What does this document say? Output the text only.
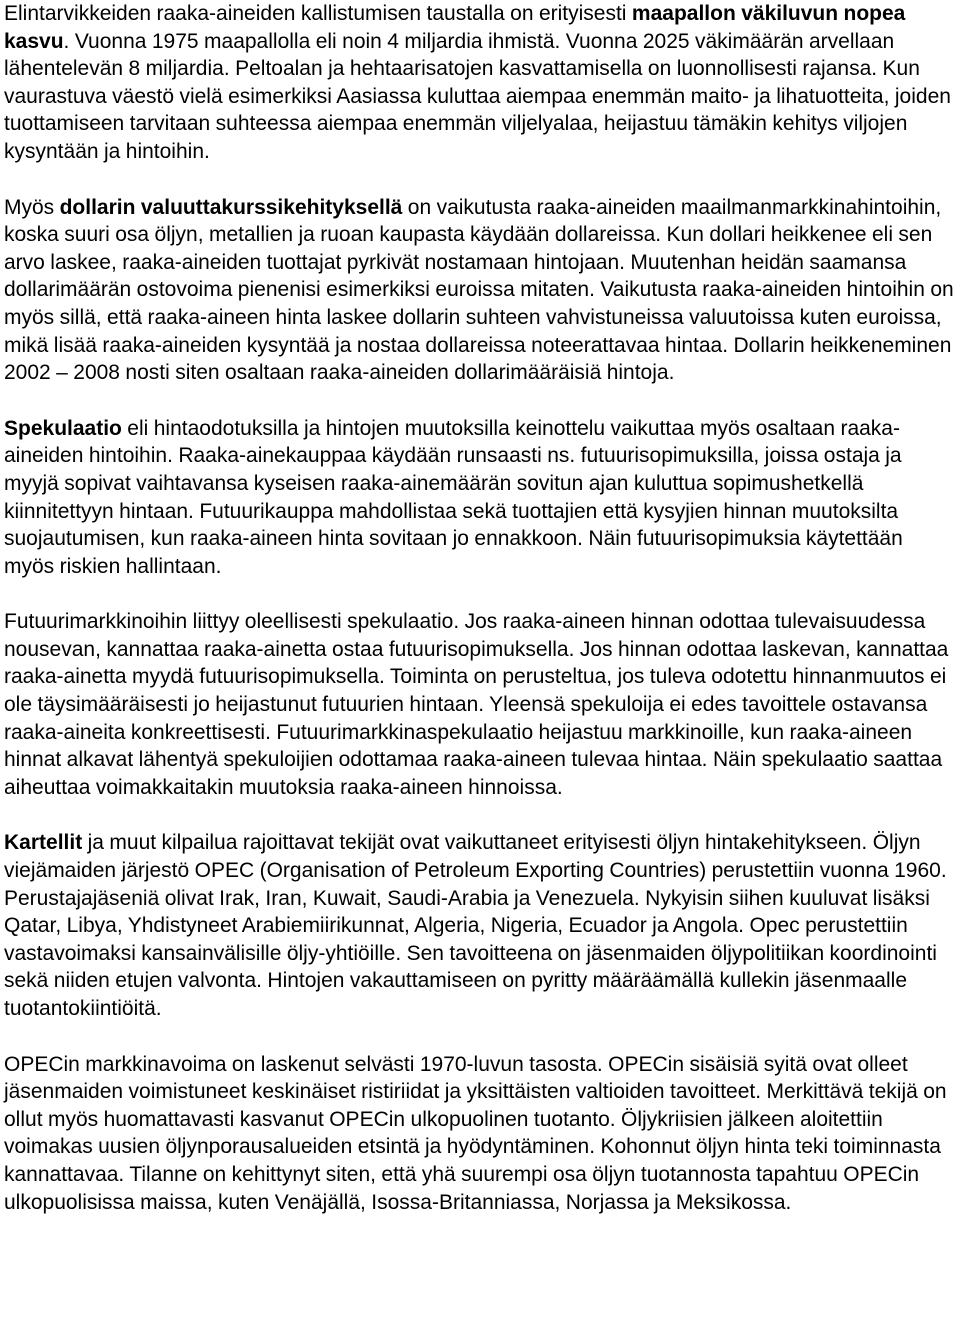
Elintarvikkeiden raaka-aineiden kallistumisen taustalla on erityisesti maapallon väkiluvun nopea kasvu. Vuonna 1975 maapallolla eli noin 4 miljardia ihmistä. Vuonna 2025 väkimäärän arvellaan lähentelevän 8 miljardia. Peltoalan ja hehtaarisatojen kasvattamisella on luonnollisesti rajansa. Kun vaurastuva väestö vielä esimerkiksi Aasiassa kuluttaa aiempaa enemmän maito- ja lihatuotteita, joiden tuottamiseen tarvitaan suhteessa aiempaa enemmän viljelyalaa, heijastuu tämäkin kehitys viljojen kysyntään ja hintoihin.

Myös dollarin valuuttakurssikehityksellä on vaikutusta raaka-aineiden maailmanmarkkinahintoihin, koska suuri osa öljyn, metallien ja ruoan kaupasta käydään dollareissa. Kun dollari heikkenee eli sen arvo laskee, raaka-aineiden tuottajat pyrkivät nostamaan hintojaan. Muutenhan heidän saamansa dollarimäärän ostovoima pienenisi esimerkiksi euroissa mitaten. Vaikutusta raaka-aineiden hintoihin on myös sillä, että raaka-aineen hinta laskee dollarin suhteen vahvistuneissa valuutoissa kuten euroissa, mikä lisää raaka-aineiden kysyntää ja nostaa dollareissa noteerattavaa hintaa. Dollarin heikkeneminen 2002 – 2008 nosti siten osaltaan raaka-aineiden dollarimääräisiä hintoja.

Spekulaatio eli hintaodotuksilla ja hintojen muutoksilla keinottelu vaikuttaa myös osaltaan raaka-aineiden hintoihin. Raaka-ainekauppaa käydään runsaasti ns. futuurisopimuksilla, joissa ostaja ja myyjä sopivat vaihtavansa kyseisen raaka-ainemäärän sovitun ajan kuluttua sopimushetkellä kiinnitettyyn hintaan. Futuurikauppa mahdollistaa sekä tuottajien että kysyjien hinnan muutoksilta suojautumisen, kun raaka-aineen hinta sovitaan jo ennakkoon. Näin futuurisopimuksia käytettään myös riskien hallintaan.

Futuurimarkkinoihin liittyy oleellisesti spekulaatio. Jos raaka-aineen hinnan odottaa tulevaisuudessa nousevan, kannattaa raaka-ainetta ostaa futuurisopimuksella. Jos hinnan odottaa laskevan, kannattaa raaka-ainetta myydä futuurisopimuksella. Toiminta on perusteltua, jos tuleva odotettu hinnanmuutos ei ole täysimääräisesti jo heijastunut futuurien hintaan. Yleensä spekuloija ei edes tavoittele ostavansa raaka-aineita konkreettisesti. Futuurimarkkinaspekulaatio heijastuu markkinoille, kun raaka-aineen hinnat alkavat lähentyä spekuloijien odottamaa raaka-aineen tulevaa hintaa. Näin spekulaatio saattaa aiheuttaa voimakkaitakin muutoksia raaka-aineen hinnoissa.

Kartellit ja muut kilpailua rajoittavat tekijät ovat vaikuttaneet erityisesti öljyn hintakehitykseen. Öljyn viejämaiden järjestö OPEC (Organisation of Petroleum Exporting Countries) perustettiin vuonna 1960. Perustajajäseniä olivat Irak, Iran, Kuwait, Saudi-Arabia ja Venezuela. Nykyisin siihen kuuluvat lisäksi Qatar, Libya, Yhdistyneet Arabiemiirikunnat, Algeria, Nigeria, Ecuador ja Angola. Opec perustettiin vastavoimaksi kansainvälisille öljy-yhtiöille. Sen tavoitteena on jäsenmaiden öljypolitiikan koordinointi sekä niiden etujen valvonta. Hintojen vakauttamiseen on pyritty määräämällä kullekin jäsenmaalle tuotantokiintiöitä.

OPECin markkinavoima on laskenut selvästi 1970-luvun tasosta. OPECin sisäisiä syitä ovat olleet jäsenmaiden voimistuneet keskinäiset ristiriidat ja yksittäisten valtioiden tavoitteet. Merkittävä tekijä on ollut myös huomattavasti kasvanut OPECin ulkopuolinen tuotanto. Öljykriisien jälkeen aloitettiin voimakas uusien öljynporausalueiden etsintä ja hyödyntäminen. Kohonnut öljyn hinta teki toiminnasta kannattavaa. Tilanne on kehittynyt siten, että yhä suurempi osa öljyn tuotannosta tapahtuu OPECin ulkopuolisissa maissa, kuten Venäjällä, Isossa-Britanniassa, Norjassa ja Meksikossa.
